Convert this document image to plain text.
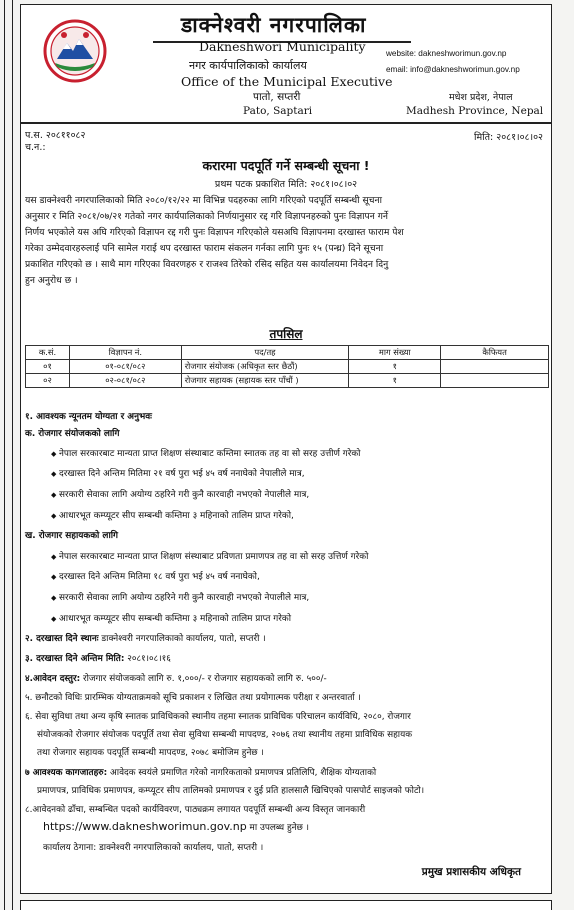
डाक्नेश्वरी नगरपालिका
Dakneshwori Municipality
नगर कार्यपालिकाको कार्यालय
Office of the Municipal Executive
पातो, सप्तरी
Pato, Saptari
website: dakneshworimun.gov.np
email: info@dakneshworimun.gov.np
मधेश प्रदेश, नेपाल
Madhesh Province, Nepal
प.स. २०८११०८२
च.न.:
मिति: २०८१।०८।०२
करारमा पदपूर्ति गर्ने सम्बन्धी सूचना !
प्रथम पटक प्रकाशित मिति: २०८१।०८।०२
यस डाक्नेश्वरी नगरपालिकाको मिति २०८०/१२/२२ मा विभिन्न पदहरुका लागि गरिएको पदपूर्ति सम्बन्धी सूचना
अनुसार र मिति २०८१/०७/२१ गतेको नगर कार्यपालिकाको निर्णयानुसार रद्द गरि विज्ञापनहरुको पुनः विज्ञापन गर्ने
निर्णय भएकोले यस अघि गरिएको विज्ञापन रद्द गरी पुनः विज्ञापन गरिएकोले यसअघि विज्ञापनमा दरखास्त फाराम पेश
गरेका उम्मेदवारहरुलाई पनि सामेल गराई थप दरखास्त फाराम संकलन गर्नका लागि पुनः १५ (पन्ध्र) दिने सूचना
प्रकाशित गरिएको छ । साथै माग गरिएका विवरणहरु र राजश्व तिरेको रसिद सहित यस कार्यालयमा निवेदन दिनु
हुन अनुरोध छ ।
तपसिल
क.सं.	विज्ञापन नं.	पद/तह	माग संख्या	कैफियत
०१	०१-०८१/०८२	रोजगार संयोजक (अधिकृत स्तर छैठौं)	१	
०२	०२-०८१/०८२	रोजगार सहायक (सहायक स्तर पाँचौं )	१	
१. आवश्यक न्यूनतम योग्यता र अनुभवः
क. रोजगार संयोजकको लागि
◆ नेपाल सरकारबाट मान्यता प्राप्त शिक्षण संस्थाबाट कम्तिमा स्नातक तह वा सो सरह उत्तीर्ण गरेको
◆ दरखास्त दिने अन्तिम मितिमा २१ वर्ष पुरा भई ४५ वर्ष ननाघेको नेपालीले मात्र,
◆ सरकारी सेवाका लागि अयोग्य ठहरिने गरी कुनै कारवाही नभएको नेपालीले मात्र,
◆ आधारभूत कम्प्यूटर सीप सम्बन्धी कम्तिमा ३ महिनाको तालिम प्राप्त गरेको,
ख. रोजगार सहायकको लागि
◆ नेपाल सरकारबाट मान्यता प्राप्त शिक्षण संस्थाबाट प्रविणता प्रमाणपत्र तह वा सो सरह उत्तिर्ण गरेको
◆ दरखास्त दिने अन्तिम मितिमा १८ वर्ष पुरा भई ४५ वर्ष ननाघेको,
◆ सरकारी सेवाका लागि अयोग्य ठहरिने गरी कुनै कारवाही नभएको नेपालीले मात्र,
◆ आधारभूत कम्प्यूटर सीप सम्बन्धी कम्तिमा ३ महिनाको तालिम प्राप्त गरेको
२. दरखास्त दिने स्थानः डाक्नेश्वरी नगरपालिकाको कार्यालय, पातो, सप्तरी ।
३. दरखास्त दिने अन्तिम मिति: २०८१।०८।१६
४.आवेदन दस्तुर: रोजगार संयोजकको लागि रु. १,०००/- र रोजगार सहायकको लागि रु. ५००/-
५. छनौटको विधिः प्रारम्भिक योग्यताक्रमको सूचि प्रकाशन र लिखित तथा प्रयोगात्मक परीक्षा र अन्तरवार्ता ।
६. सेवा सुविधा तथा अन्य कृषि स्नातक प्राविधिकको स्थानीय तहमा स्नातक प्राविधिक परिचालन कार्यविधि, २०८०, रोजगार
संयोजकको रोजगार संयोजक पदपूर्ति तथा सेवा सुविधा सम्बन्धी मापदण्ड, २०७६ तथा स्थानीय तहमा प्राविधिक सहायक
तथा रोजगार सहायक पदपूर्ति सम्बन्धी मापदण्ड, २०७८ बमोजिम हुनेछ ।
७ आवश्यक कागजातहरु: आवेदक स्वयंले प्रमाणित गरेको नागरिकताको प्रमाणपत्र प्रतिलिपि, शैक्षिक योग्यताको
प्रमाणपत्र, प्राविधिक प्रमाणपत्र, कम्प्यूटर सीप तालिमको प्रमाणपत्र र दुई प्रति हालसालै खिचिएको पासपोर्ट साइजको फोटो।
८.आवेदनको ढाँचा, सम्बन्धित पदको कार्यविवरण, पाठ्यक्रम लगायत पदपूर्ति सम्बन्धी अन्य विस्तृत जानकारी
https://www.dakneshworimun.gov.np मा उपलब्ध हुनेछ ।
कार्यालय ठेगाना: डाक्नेश्वरी नगरपालिकाको कार्यालय, पातो, सप्तरी ।
प्रमुख प्रशासकीय अधिकृत
